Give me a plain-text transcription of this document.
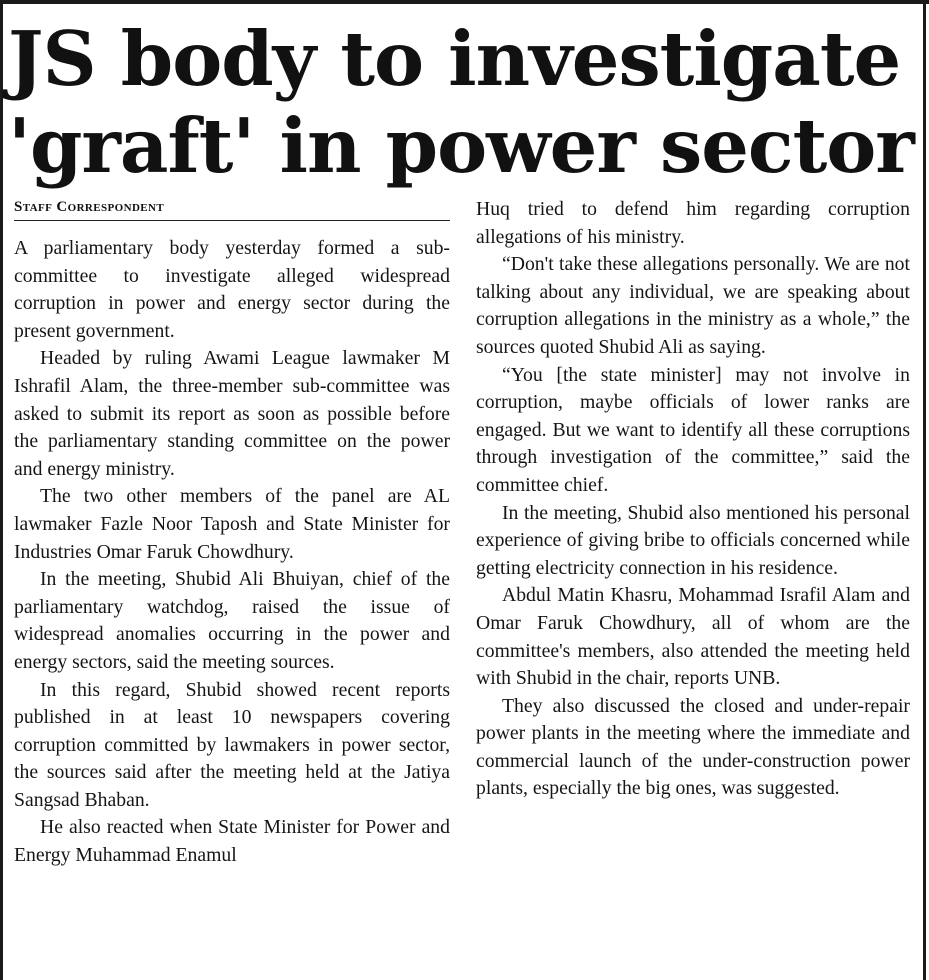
JS body to investigate
'graft' in power sector
Staff Correspondent

A parliamentary body yesterday formed a sub-committee to investigate alleged widespread corruption in power and energy sector during the present government.

Headed by ruling Awami League lawmaker M Ishrafil Alam, the three-member sub-committee was asked to submit its report as soon as possible before the parliamentary standing committee on the power and energy ministry.

The two other members of the panel are AL lawmaker Fazle Noor Taposh and State Minister for Industries Omar Faruk Chowdhury.

In the meeting, Shubid Ali Bhuiyan, chief of the parliamentary watchdog, raised the issue of widespread anomalies occurring in the power and energy sectors, said the meeting sources.

In this regard, Shubid showed recent reports published in at least 10 newspapers covering corruption committed by lawmakers in power sector, the sources said after the meeting held at the Jatiya Sangsad Bhaban.

He also reacted when State Minister for Power and Energy Muhammad Enamul

Huq tried to defend him regarding corruption allegations of his ministry.

“Don't take these allegations personally. We are not talking about any individual, we are speaking about corruption allegations in the ministry as a whole,” the sources quoted Shubid Ali as saying.

“You [the state minister] may not involve in corruption, maybe officials of lower ranks are engaged. But we want to identify all these corruptions through investigation of the committee,” said the committee chief.

In the meeting, Shubid also mentioned his personal experience of giving bribe to officials concerned while getting electricity connection in his residence.

Abdul Matin Khasru, Mohammad Israfil Alam and Omar Faruk Chowdhury, all of whom are the committee's members, also attended the meeting held with Shubid in the chair, reports UNB.

They also discussed the closed and under-repair power plants in the meeting where the immediate and commercial launch of the under-construction power plants, especially the big ones, was suggested.
